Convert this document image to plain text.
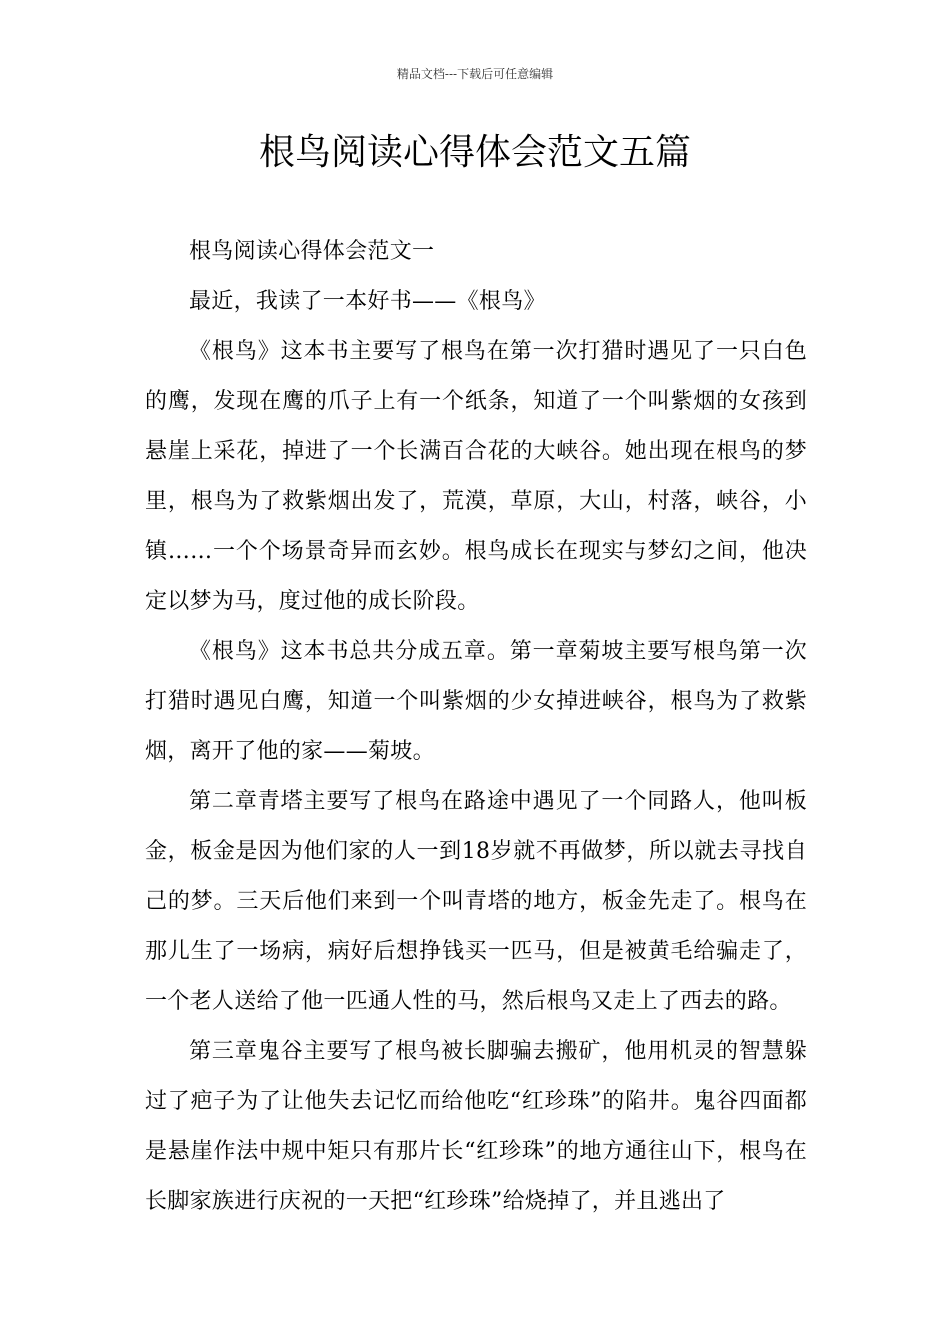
精品文档---下载后可任意编辑
根鸟阅读心得体会范文五篇

根鸟阅读心得体会范文一

最近，我读了一本好书——《根鸟》

《根鸟》这本书主要写了根鸟在第一次打猎时遇见了一只白色的鹰，发现在鹰的爪子上有一个纸条，知道了一个叫紫烟的女孩到悬崖上采花，掉进了一个长满百合花的大峡谷。她出现在根鸟的梦里，根鸟为了救紫烟出发了，荒漠，草原，大山，村落，峡谷，小镇……一个个场景奇异而玄妙。根鸟成长在现实与梦幻之间，他决定以梦为马，度过他的成长阶段。

《根鸟》这本书总共分成五章。第一章菊坡主要写根鸟第一次打猎时遇见白鹰，知道一个叫紫烟的少女掉进峡谷，根鸟为了救紫烟，离开了他的家——菊坡。

第二章青塔主要写了根鸟在路途中遇见了一个同路人，他叫板金，板金是因为他们家的人一到18岁就不再做梦，所以就去寻找自己的梦。三天后他们来到一个叫青塔的地方，板金先走了。根鸟在那儿生了一场病，病好后想挣钱买一匹马，但是被黄毛给骗走了，一个老人送给了他一匹通人性的马，然后根鸟又走上了西去的路。

第三章鬼谷主要写了根鸟被长脚骗去搬矿，他用机灵的智慧躲过了疤子为了让他失去记忆而给他吃“红珍珠”的陷井。鬼谷四面都是悬崖作法中规中矩只有那片长“红珍珠”的地方通往山下，根鸟在长脚家族进行庆祝的一天把“红珍珠”给烧掉了，并且逃出了
